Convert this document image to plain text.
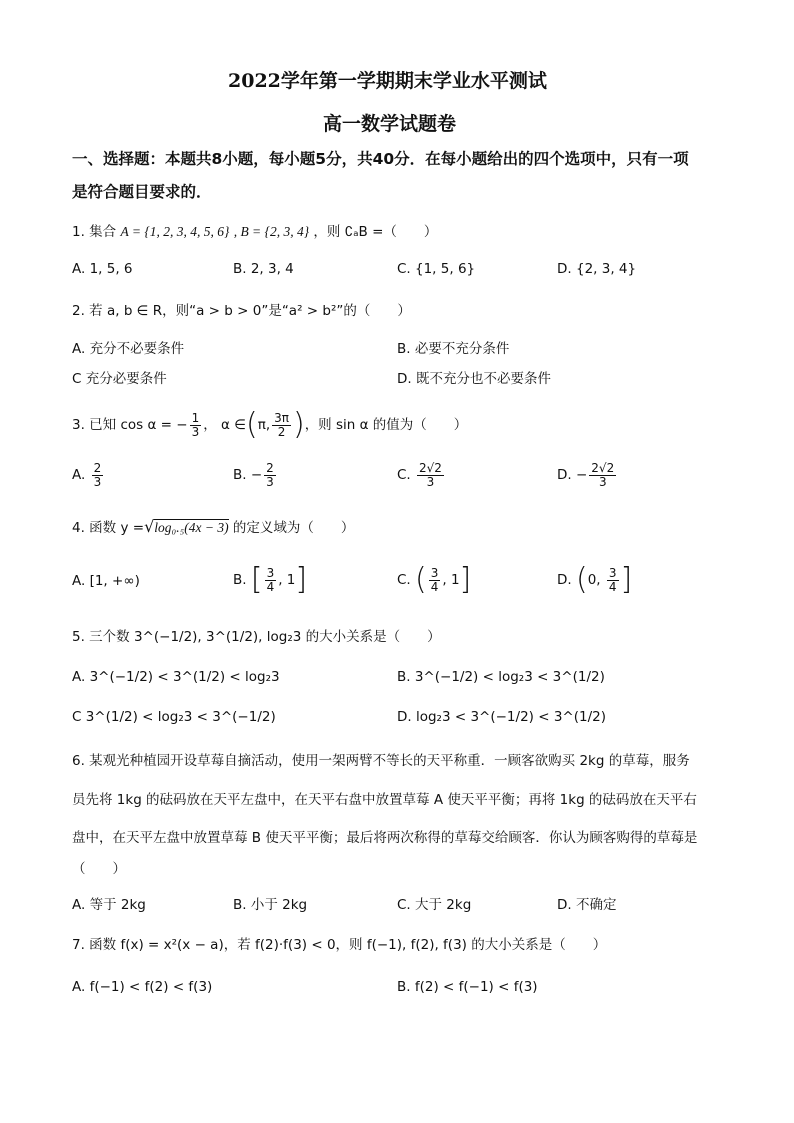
2022学年第一学期期末学业水平测试
高一数学试题卷
一、选择题：本题共8小题，每小题5分，共40分．在每小题给出的四个选项中，只有一项
是符合题目要求的．
1. 集合 A = {1, 2, 3, 4, 5, 6} , B = {2, 3, 4} ，则 ∁ₐB =（　　）
A. 1, 5, 6	B. 2, 3, 4	C. {1, 5, 6}	D. {2, 3, 4}
2. 若 a, b ∈ R，则“a > b > 0”是“a² > b²”的（　　）
A. 充分不必要条件	B. 必要不充分条件
C 充分必要条件	D. 既不充分也不必要条件
3. 已知 cos α = − $\frac{1}{3}$ ， α ∈(π, $\frac{3\pi}{2}$ )，则 sin α 的值为（　　）
A. $\frac{2}{3}$	B. − $\frac{2}{3}$	C. $\frac{2√2}{3}$	D. − $\frac{2√2}{3}$
4. 函数 y =√log₀.₅(4x − 3) 的定义域为（　　）
A. [1, +∞)	B. [ $\frac{3}{4}$ , 1]	C. ( $\frac{3}{4}$ , 1]	D. (0, $\frac{3}{4}$ ]
5. 三个数 3^(−1/2), 3^(1/2), log₂3 的大小关系是（　　）
A. 3^(−1/2) < 3^(1/2) < log₂3	B. 3^(−1/2) < log₂3 < 3^(1/2)
C 3^(1/2) < log₂3 < 3^(−1/2)	D. log₂3 < 3^(−1/2) < 3^(1/2)
6. 某观光种植园开设草莓自摘活动，使用一架两臂不等长的天平称重．一顾客欲购买 2kg 的草莓，服务
员先将 1kg 的砝码放在天平左盘中，在天平右盘中放置草莓 A 使天平平衡；再将 1kg 的砝码放在天平右
盘中，在天平左盘中放置草莓 B 使天平平衡；最后将两次称得的草莓交给顾客．你认为顾客购得的草莓是
（　　）
A. 等于 2kg	B. 小于 2kg	C. 大于 2kg	D. 不确定
7. 函数 f(x) = x²(x − a)，若 f(2)·f(3) < 0，则 f(−1), f(2), f(3) 的大小关系是（　　）
A. f(−1) < f(2) < f(3)	B. f(2) < f(−1) < f(3)
